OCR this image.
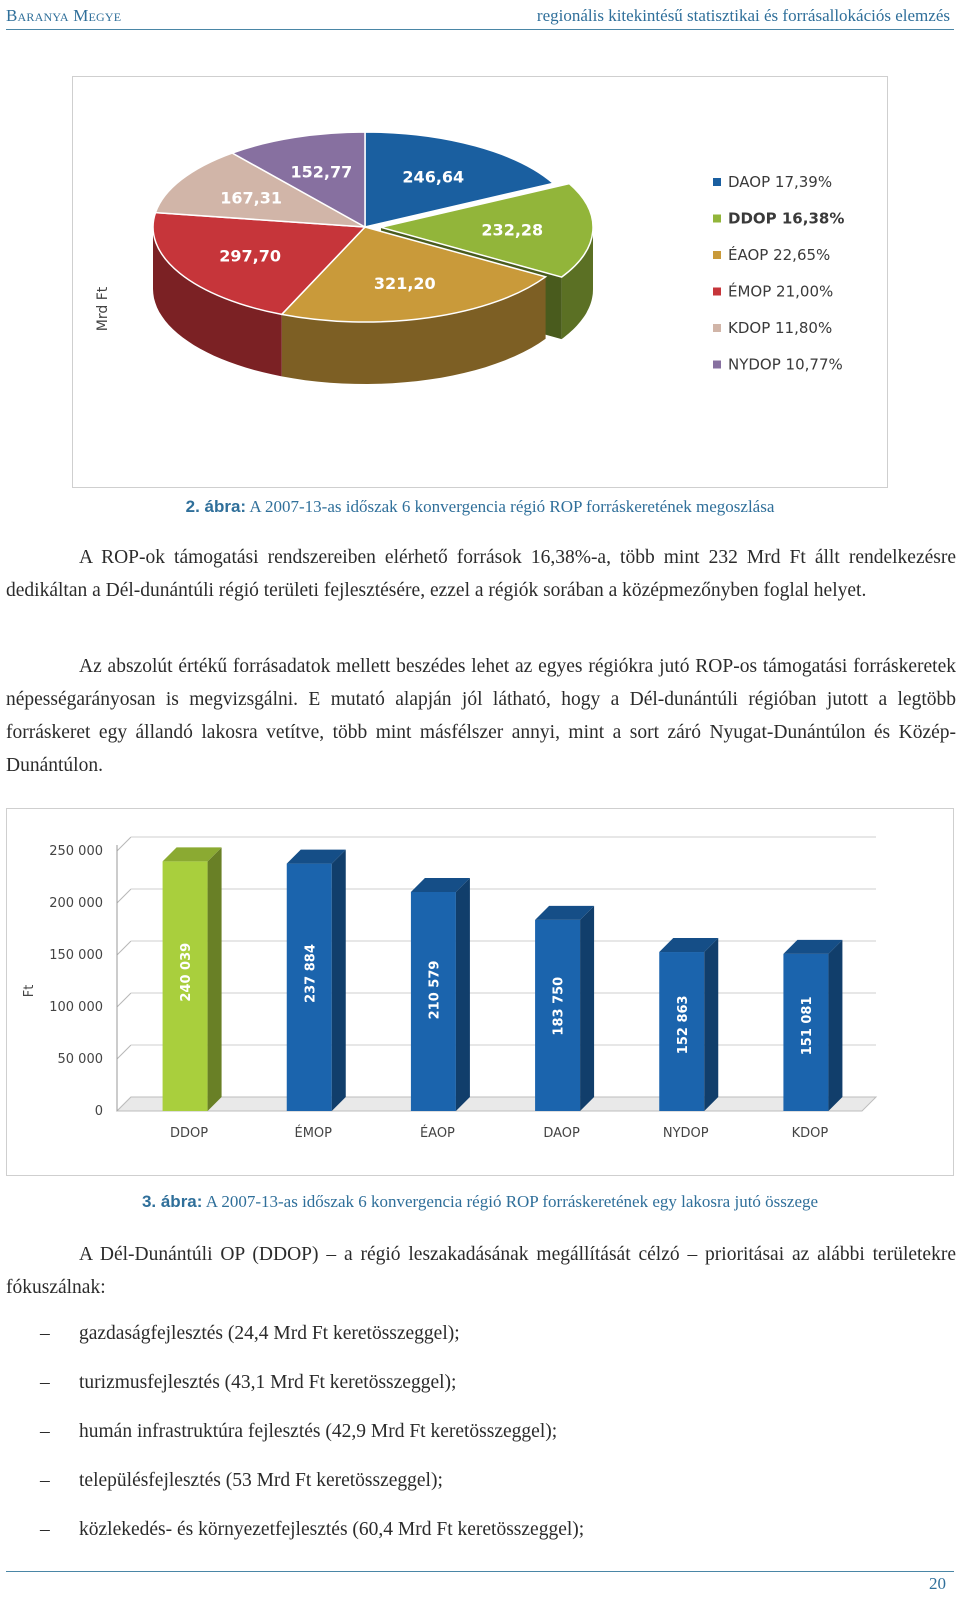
Baranya Megye	regionális kitekintésű statisztikai és forrásallokációs elemzés
246,64
232,28
321,20
297,70
167,31
152,77
DAOP 17,39%
DDOP 16,38%
ÉAOP 22,65%
ÉMOP 21,00%
KDOP 11,80%
NYDOP 10,77%
Mrd Ft
2. ábra: A 2007-13-as időszak 6 konvergencia régió ROP forráskeretének megoszlása

A ROP-ok támogatási rendszereiben elérhető források 16,38%-a, több mint 232 Mrd Ft állt rendelkezésre dedikáltan a Dél-dunántúli régió területi fejlesztésére, ezzel a régiók sorában a középmezőnyben foglal helyet.

Az abszolút értékű forrásadatok mellett beszédes lehet az egyes régiókra jutó ROP-os támogatási forráskeretek népességarányosan is megvizsgálni. E mutató alapján jól látható, hogy a Dél-dunántúli régióban jutott a legtöbb forráskeret egy állandó lakosra vetítve, több mint másfélszer annyi, mint a sort záró Nyugat-Dunántúlon és Közép-Dunántúlon.

240 039	237 884	210 579	183 750	152 863	151 081
0
50 000
100 000
150 000
200 000
250 000
DDOP	ÉMOP	ÉAOP	DAOP	NYDOP	KDOP
Ft
3. ábra: A 2007-13-as időszak 6 konvergencia régió ROP forráskeretének egy lakosra jutó összege

A Dél-Dunántúli OP (DDOP) – a régió leszakadásának megállítását célzó – prioritásai az alábbi területekre fókuszálnak:

– gazdaságfejlesztés (24,4 Mrd Ft keretösszeggel);
– turizmusfejlesztés (43,1 Mrd Ft keretösszeggel);
– humán infrastruktúra fejlesztés (42,9 Mrd Ft keretösszeggel);
– településfejlesztés (53 Mrd Ft keretösszeggel);
– közlekedés- és környezetfejlesztés (60,4 Mrd Ft keretösszeggel);
20
